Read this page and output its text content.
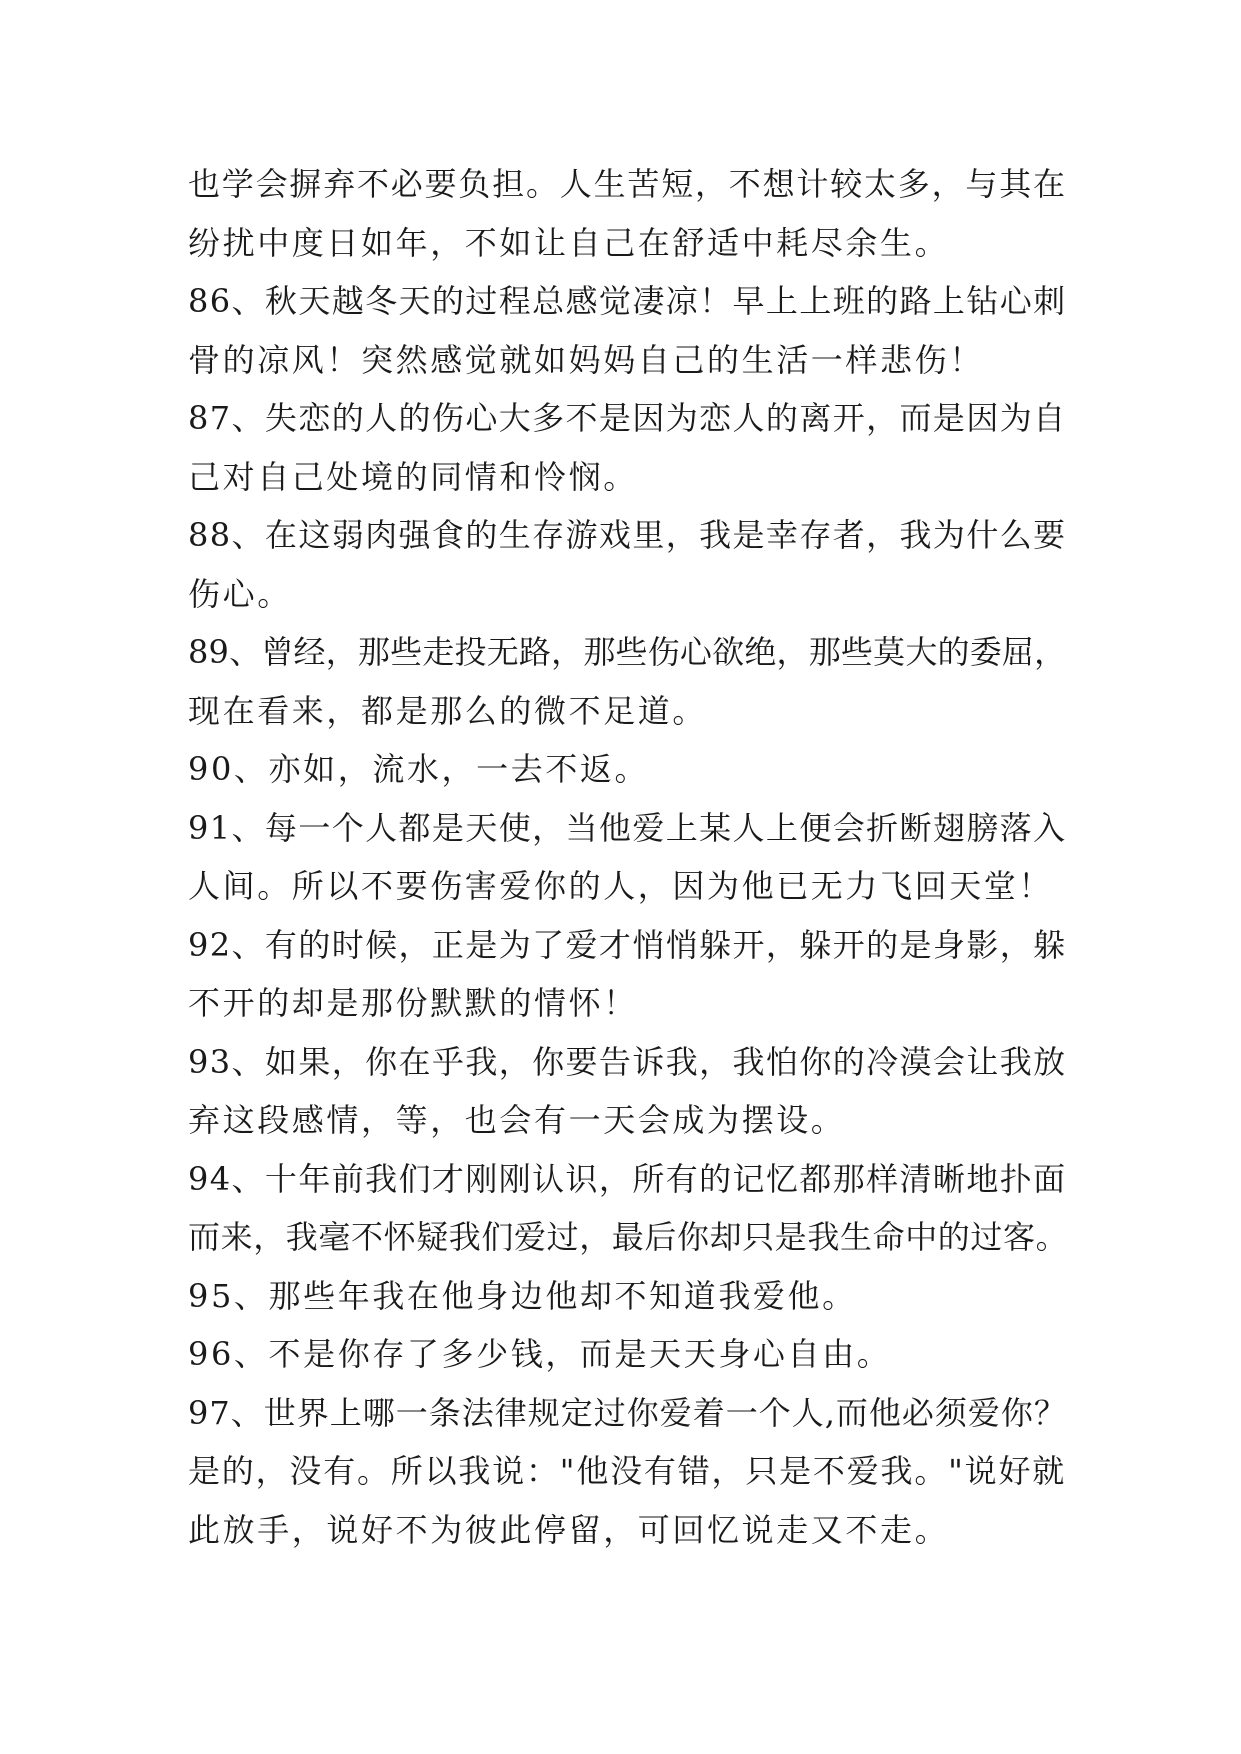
也学会摒弃不必要负担。人生苦短，不想计较太多，与其在
纷扰中度日如年，不如让自己在舒适中耗尽余生。
86、秋天越冬天的过程总感觉凄凉！早上上班的路上钻心刺
骨的凉风！突然感觉就如妈妈自己的生活一样悲伤！
87、失恋的人的伤心大多不是因为恋人的离开，而是因为自
己对自己处境的同情和怜悯。
88、在这弱肉强食的生存游戏里，我是幸存者，我为什么要
伤心。
89、曾经，那些走投无路，那些伤心欲绝，那些莫大的委屈，
现在看来，都是那么的微不足道。
90、亦如，流水，一去不返。
91、每一个人都是天使，当他爱上某人上便会折断翅膀落入
人间。所以不要伤害爱你的人，因为他已无力飞回天堂！
92、有的时候，正是为了爱才悄悄躲开，躲开的是身影，躲
不开的却是那份默默的情怀！
93、如果，你在乎我，你要告诉我，我怕你的冷漠会让我放
弃这段感情，等，也会有一天会成为摆设。
94、十年前我们才刚刚认识，所有的记忆都那样清晰地扑面
而来，我毫不怀疑我们爱过，最后你却只是我生命中的过客。
95、那些年我在他身边他却不知道我爱他。
96、不是你存了多少钱，而是天天身心自由。
97、世界上哪一条法律规定过你爱着一个人,而他必须爱你？
是的，没有。所以我说："他没有错，只是不爱我。"说好就
此放手，说好不为彼此停留，可回忆说走又不走。
